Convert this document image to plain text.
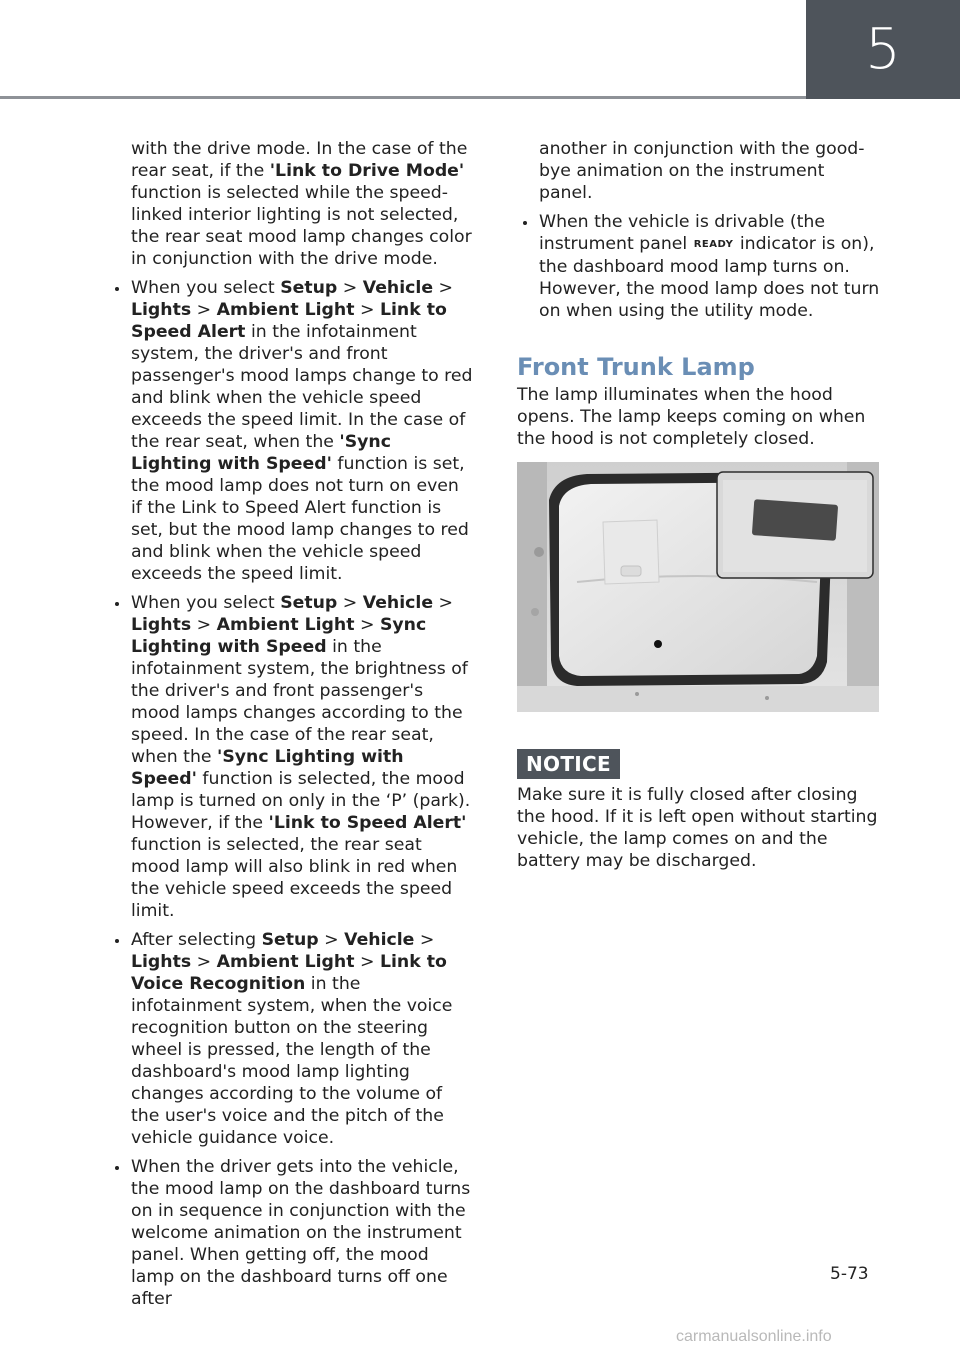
5

with the drive mode. In the case of the rear seat, if the 'Link to Drive Mode' function is selected while the speed-linked interior lighting is not selected, the rear seat mood lamp changes color in conjunction with the drive mode.

When you select Setup > Vehicle > Lights > Ambient Light > Link to Speed Alert in the infotainment system, the driver's and front passenger's mood lamps change to red and blink when the vehicle speed exceeds the speed limit. In the case of the rear seat, when the 'Sync Lighting with Speed' function is set, the mood lamp does not turn on even if the Link to Speed Alert function is set, but the mood lamp changes to red and blink when the vehicle speed exceeds the speed limit.
When you select Setup > Vehicle > Lights > Ambient Light > Sync Lighting with Speed in the infotainment system, the brightness of the driver's and front passenger's mood lamps changes according to the speed. In the case of the rear seat, when the 'Sync Lighting with Speed' function is selected, the mood lamp is turned on only in the ‘P’ (park). However, if the 'Link to Speed Alert' function is selected, the rear seat mood lamp will also blink in red when the vehicle speed exceeds the speed limit.
After selecting Setup > Vehicle > Lights > Ambient Light > Link to Voice Recognition in the infotainment system, when the voice recognition button on the steering wheel is pressed, the length of the dashboard's mood lamp lighting changes according to the volume of the user's voice and the pitch of the vehicle guidance voice.
When the driver gets into the vehicle, the mood lamp on the dashboard turns on in sequence in conjunction with the welcome animation on the instrument panel. When getting off, the mood lamp on the dashboard turns off one after

another in conjunction with the good-bye animation on the instrument panel.

When the vehicle is drivable (the instrument panel READY indicator is on), the dashboard mood lamp turns on. However, the mood lamp does not turn on when using the utility mode.
Front Trunk Lamp

The lamp illuminates when the hood opens. The lamp keeps coming on when the hood is not completely closed.

NOTICE

Make sure it is fully closed after closing the hood. If it is left open without starting vehicle, the lamp comes on and the battery may be discharged.

5-73
carmanualsonline.info
